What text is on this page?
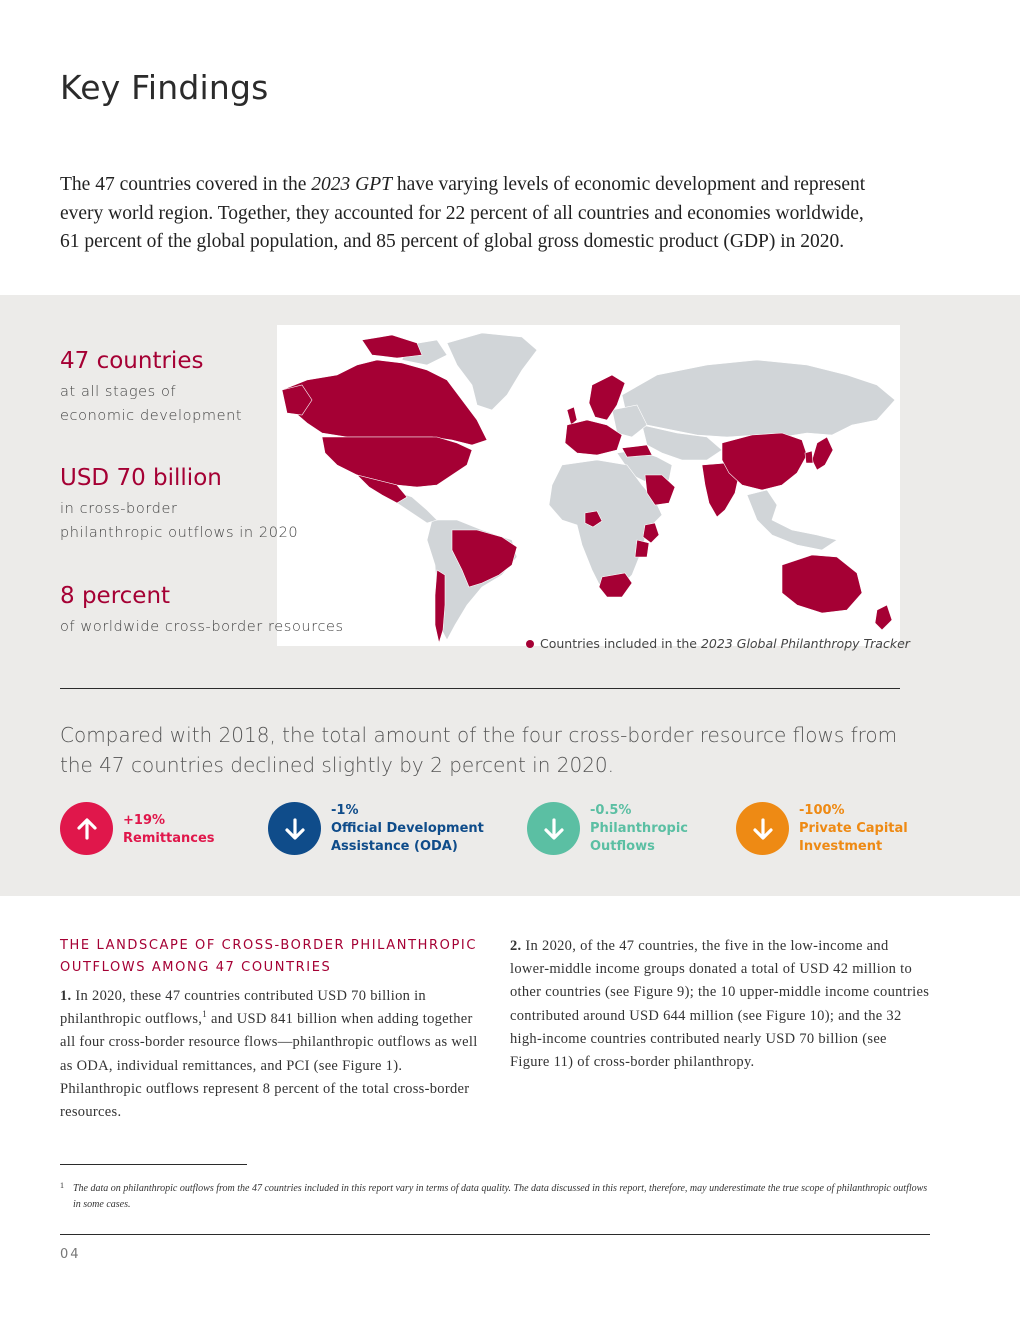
Key Findings

The 47 countries covered in the 2023 GPT have varying levels of economic development and represent

every world region. Together, they accounted for 22 percent of all countries and economies worldwide,

61 percent of the global population, and 85 percent of global gross domestic product (GDP) in 2020.

47 countries
at all stages of
economic development
USD 70 billion
in cross-border
philanthropic outflows in 2020
8 percent
of worldwide cross-border resources
Countries included in the 2023 Global Philanthropy Tracker
Compared with 2018, the total amount of the four cross-border resource flows from
the 47 countries declined slightly by 2 percent in 2020.
+19%
Remittances
-1%
Official Development
Assistance (ODA)
-0.5%
Philanthropic
Outflows
-100%
Private Capital
Investment
THE LANDSCAPE OF CROSS-BORDER PHILANTHROPIC
OUTFLOWS AMONG 47 COUNTRIES

1. In 2020, these 47 countries contributed USD 70 billion in philanthropic outflows,$^1$ and USD 841 billion when adding together all four cross-border resource flows—philanthropic outflows as well as ODA, individual remittances, and PCI (see Figure 1). Philanthropic outflows represent 8 percent of the total cross-border resources.

2. In 2020, of the 47 countries, the five in the low-income and lower-middle income groups donated a total of USD 42 million to other countries (see Figure 9); the 10 upper-middle income countries contributed around USD 644 million (see Figure 10); and the 32 high-income countries contributed nearly USD 70 billion (see Figure 11) of cross-border philanthropy.

1 The data on philanthropic outflows from the 47 countries included in this report vary in terms of data quality. The data discussed in this report, therefore, may underestimate the true scope of philanthropic outflows in some cases.
04
